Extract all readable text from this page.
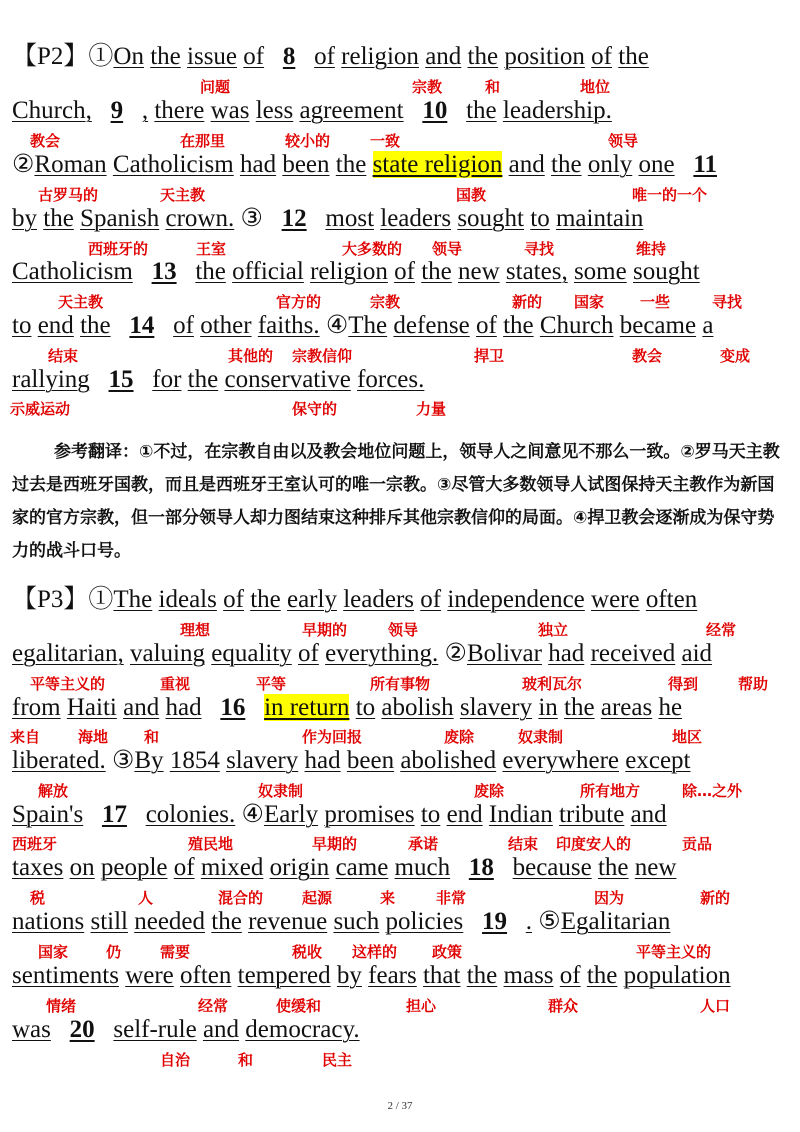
【P2】①On the issue of 8 of religion and the position of the
问题	宗教	和	地位
Church, 9 , there was less agreement 10 the leadership.
教会	在那里	较小的	一致	领导
②Roman Catholicism had been the state religion and the only one 11
古罗马的	天主教	国教	唯一的一个
by the Spanish crown. ③   12 most leaders sought to maintain
西班牙的	王室	大多数的 领导	寻找	维持
Catholicism 13 the official religion of the new states, some sought
天主教	官方的	宗教	新的 国家 一些	寻找
to end the 14 of other faiths. ④The defense of the Church became a
结束	其他的 宗教信仰	捍卫	教会	变成
rallying 15 for the conservative forces.
示威运动	保守的	力量

参考翻译：①不过，在宗教自由以及教会地位问题上，领导人之间意见不那么一致。②罗马天主教过去是西班牙国教，而且是西班牙王室认可的唯一宗教。③尽管大多数领导人试图保持天主教作为新国家的官方宗教，但一部分领导人却力图结束这种排斥其他宗教信仰的局面。④捍卫教会逐渐成为保守势力的战斗口号。

【P3】①The ideals of the early leaders of independence were often
理想	早期的	领导	独立	经常
egalitarian, valuing equality of everything. ②Bolivar had received aid
平等主义的	重视	平等	所有事物	玻利瓦尔	得到	帮助
from Haiti and had 16 in return to abolish slavery in the areas he
来自	海地 和	作为回报	废除	奴隶制	地区
liberated. ③By 1854 slavery had been abolished everywhere except
解放	奴隶制	废除	所有地方	除…之外
Spain's 17 colonies. ④Early promises to end Indian tribute and
西班牙	殖民地	早期的	承诺	结束 印度安人的	贡品
taxes on people of mixed origin came much 18 because the new
税	人	混合的	起源	来	非常	因为	新的
nations still needed the revenue such policies 19 . ⑤Egalitarian
国家	仍	需要	税收 这样的 政策	平等主义的
sentiments were often tempered by fears that the mass of the population
情绪	经常	使缓和	担心	群众	人口
was 20 self-rule and democracy.
自治	和	民主
2 / 37
